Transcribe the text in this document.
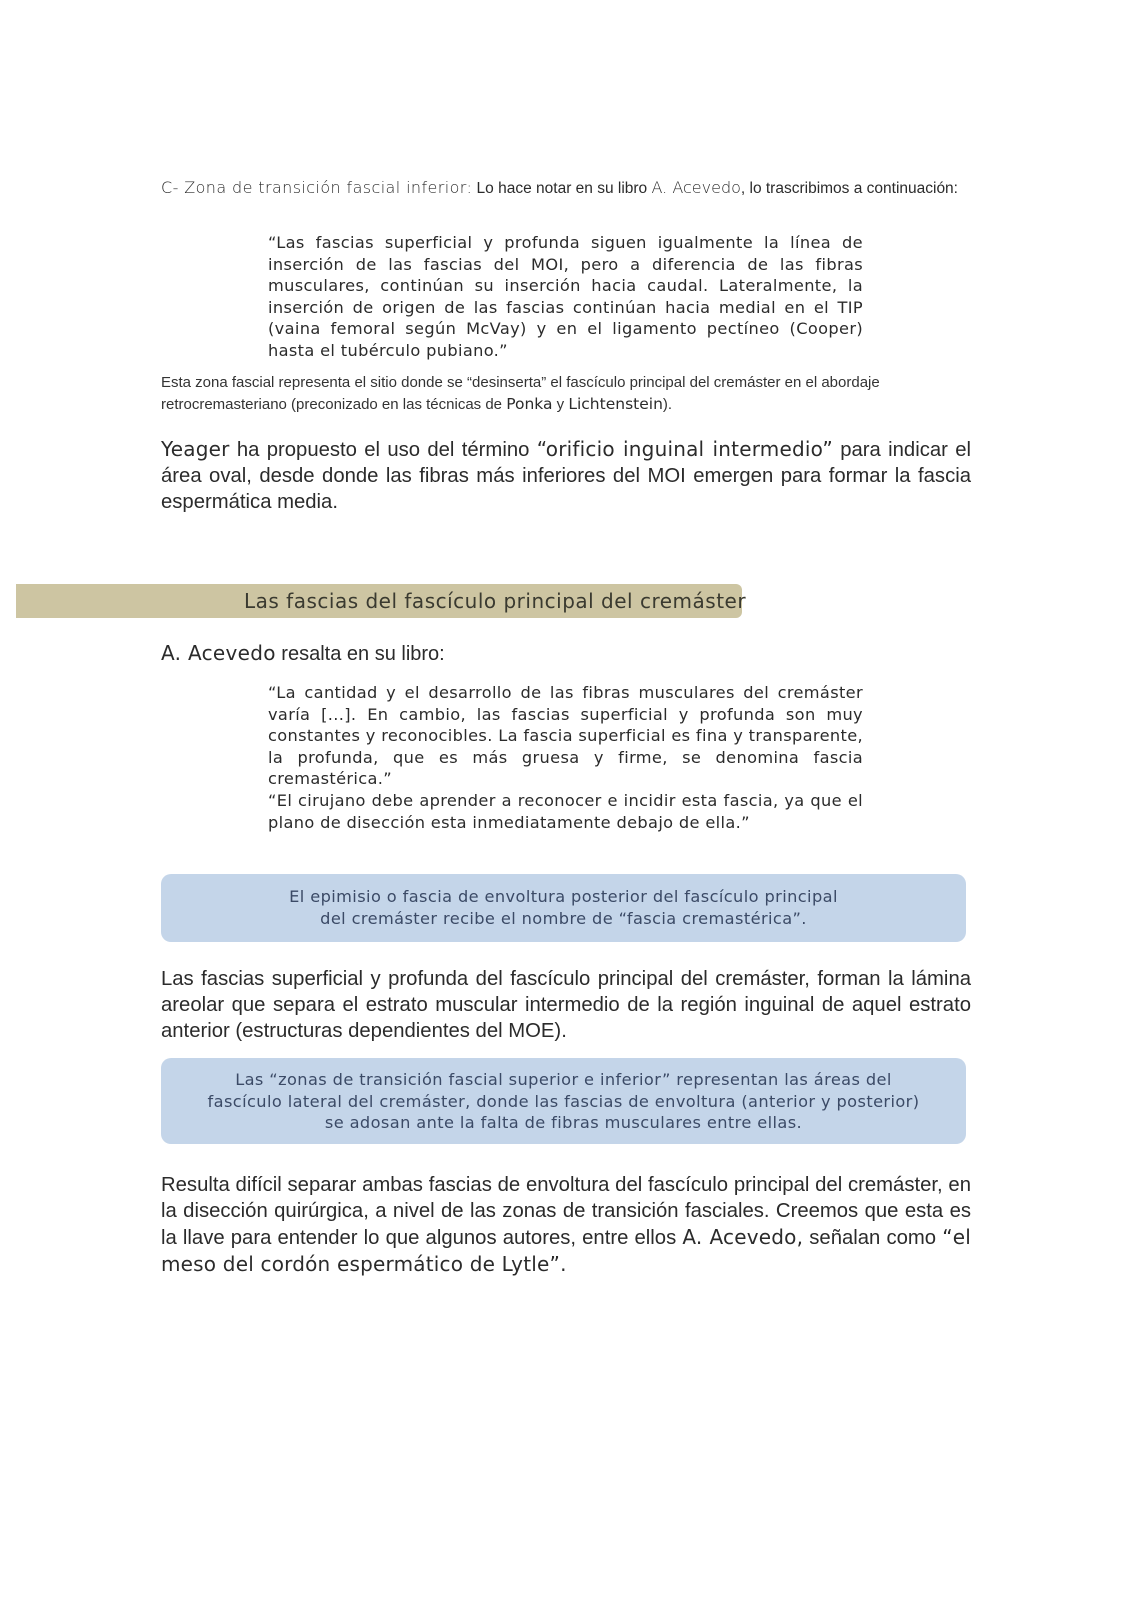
C- Zona de transición fascial inferior: Lo hace notar en su libro A. Acevedo, lo trascribimos a continuación:
“Las fascias superficial y profunda siguen igualmente la línea de inserción de las fascias del MOI, pero a diferencia de las fibras musculares, continúan su inserción hacia caudal. Lateralmente, la inserción de origen de las fascias continúan hacia medial en el TIP (vaina femoral según McVay) y en el ligamento pectíneo (Cooper) hasta el tubérculo pubiano.”
Esta zona fascial representa el sitio donde se “desinserta” el fascículo principal del cremáster en el abordaje retrocremasteriano (preconizado en las técnicas de Ponka y Lichtenstein).
Yeager ha propuesto el uso del término “orificio inguinal intermedio” para indicar el área oval, desde donde las fibras más inferiores del MOI emergen para formar la fascia espermática media.
Las fascias del fascículo principal del cremáster
A. Acevedo resalta en su libro:

“La cantidad y el desarrollo de las fibras musculares del cremáster varía [...]. En cambio, las fascias superficial y profunda son muy constantes y reconocibles. La fascia superficial es fina y transparente, la profunda, que es más gruesa y firme, se denomina fascia cremastérica.”

“El cirujano debe aprender a reconocer e incidir esta fascia, ya que el plano de disección esta inmediatamente debajo de ella.”

El epimisio o fascia de envoltura posterior del fascículo principal
del cremáster recibe el nombre de “fascia cremastérica”.
Las fascias superficial y profunda del fascículo principal del cremáster, forman la lámina areolar que separa el estrato muscular intermedio de la región inguinal de aquel estrato anterior (estructuras dependientes del MOE).
Las “zonas de transición fascial superior e inferior” representan las áreas del
fascículo lateral del cremáster, donde las fascias de envoltura (anterior y posterior)
se adosan ante la falta de fibras musculares entre ellas.
Resulta difícil separar ambas fascias de envoltura del fascículo principal del cremáster, en la disección quirúrgica, a nivel de las zonas de transición fasciales. Creemos que esta es la llave para entender lo que algunos autores, entre ellos A. Acevedo, señalan como “el meso del cordón espermático de Lytle”.
